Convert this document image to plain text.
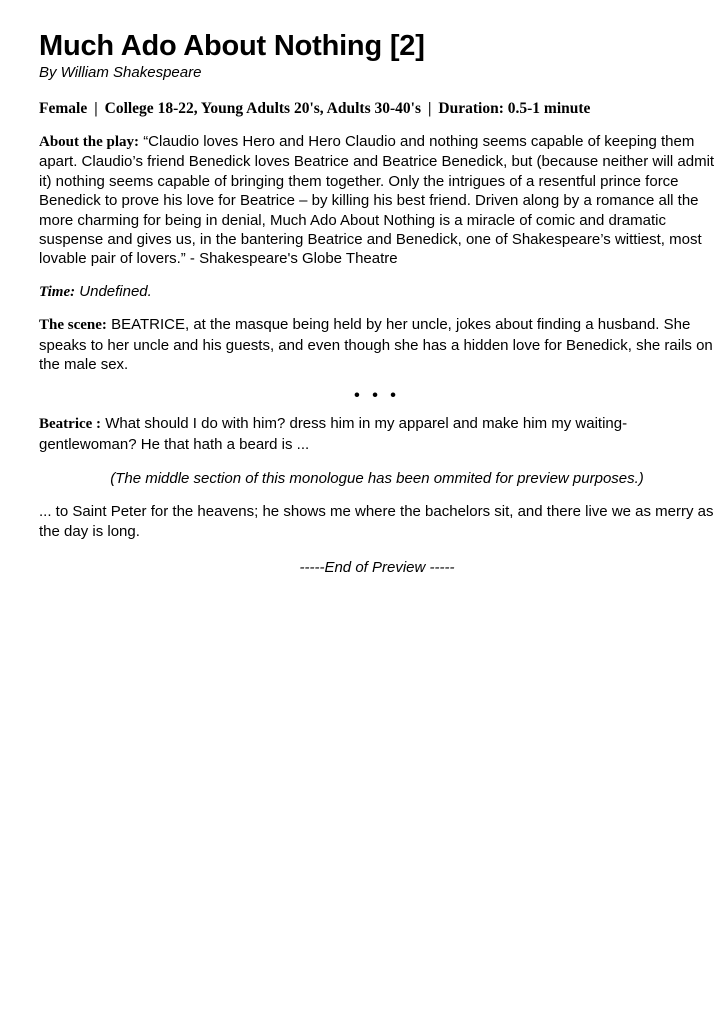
Much Ado About Nothing [2]
By William Shakespeare
Female | College 18-22, Young Adults 20's, Adults 30-40's | Duration: 0.5-1 minute
About the play: “Claudio loves Hero and Hero Claudio and nothing seems capable of keeping them apart. Claudio’s friend Benedick loves Beatrice and Beatrice Benedick, but (because neither will admit it) nothing seems capable of bringing them together. Only the intrigues of a resentful prince force Benedick to prove his love for Beatrice – by killing his best friend. Driven along by a romance all the more charming for being in denial, Much Ado About Nothing is a miracle of comic and dramatic suspense and gives us, in the bantering Beatrice and Benedick, one of Shakespeare’s wittiest, most lovable pair of lovers.” - Shakespeare's Globe Theatre
Time: Undefined.
The scene: BEATRICE, at the masque being held by her uncle, jokes about finding a husband. She speaks to her uncle and his guests, and even though she has a hidden love for Benedick, she rails on the male sex.
• • •
Beatrice : What should I do with him? dress him in my apparel and make him my waiting-gentlewoman? He that hath a beard is ...
(The middle section of this monologue has been ommited for preview purposes.)
... to Saint Peter for the heavens; he shows me where the bachelors sit, and there live we as merry as the day is long.
-----End of Preview -----
